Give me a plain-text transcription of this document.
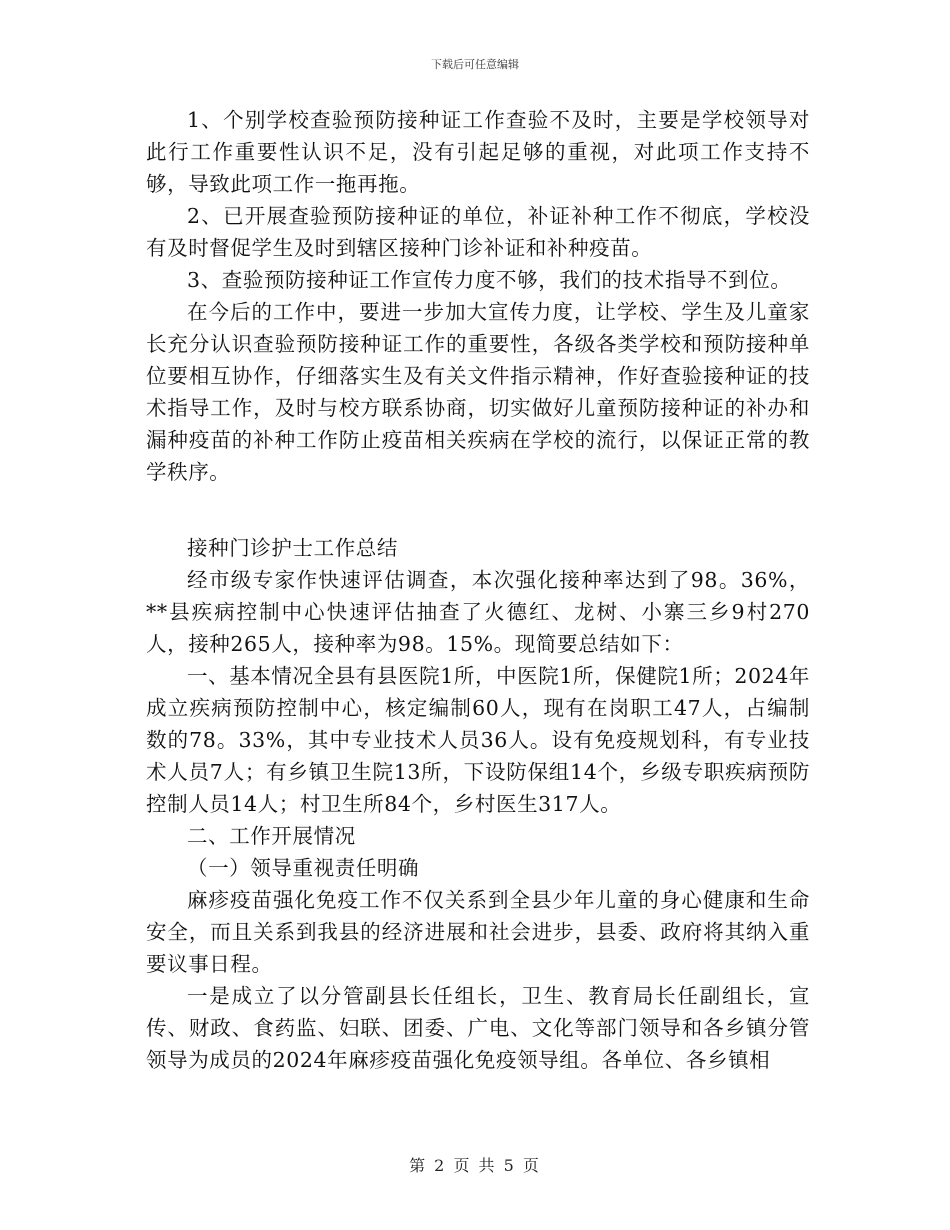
下载后可任意编辑

1、个别学校查验预防接种证工作查验不及时，主要是学校领导对此行工作重要性认识不足，没有引起足够的重视，对此项工作支持不够，导致此项工作一拖再拖。

2、已开展查验预防接种证的单位，补证补种工作不彻底，学校没有及时督促学生及时到辖区接种门诊补证和补种疫苗。

3、查验预防接种证工作宣传力度不够，我们的技术指导不到位。

在今后的工作中，要进一步加大宣传力度，让学校、学生及儿童家长充分认识查验预防接种证工作的重要性，各级各类学校和预防接种单位要相互协作，仔细落实生及有关文件指示精神，作好查验接种证的技术指导工作，及时与校方联系协商，切实做好儿童预防接种证的补办和漏种疫苗的补种工作防止疫苗相关疾病在学校的流行，以保证正常的教学秩序。

接种门诊护士工作总结

经市级专家作快速评估调查，本次强化接种率达到了98。36%，**县疾病控制中心快速评估抽查了火德红、龙树、小寨三乡9村270人，接种265人，接种率为98。15%。现简要总结如下：

一、基本情况全县有县医院1所，中医院1所，保健院1所；2024年成立疾病预防控制中心，核定编制60人，现有在岗职工47人，占编制数的78。33%，其中专业技术人员36人。设有免疫规划科，有专业技术人员7人；有乡镇卫生院13所，下设防保组14个，乡级专职疾病预防控制人员14人；村卫生所84个，乡村医生317人。

二、工作开展情况

（一）领导重视责任明确

麻疹疫苗强化免疫工作不仅关系到全县少年儿童的身心健康和生命安全，而且关系到我县的经济进展和社会进步，县委、政府将其纳入重要议事日程。

一是成立了以分管副县长任组长，卫生、教育局长任副组长，宣传、财政、食药监、妇联、团委、广电、文化等部门领导和各乡镇分管领导为成员的2024年麻疹疫苗强化免疫领导组。各单位、各乡镇相

第 2 页 共 5 页
